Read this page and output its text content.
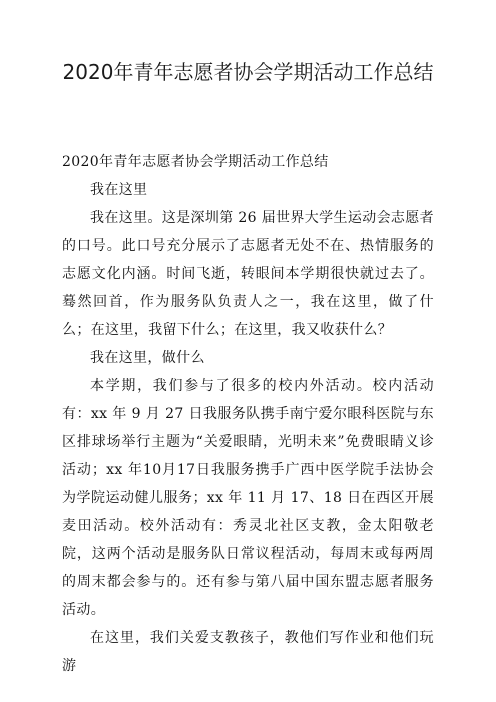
2020年青年志愿者协会学期活动工作总结

2020年青年志愿者协会学期活动工作总结

我在这里

我在这里。这是深圳第 26 届世界大学生运动会志愿者的口号。此口号充分展示了志愿者无处不在、热情服务的志愿文化内涵。时间飞逝，转眼间本学期很快就过去了。蓦然回首，作为服务队负责人之一，我在这里，做了什么；在这里，我留下什么；在这里，我又收获什么？

我在这里，做什么

本学期，我们参与了很多的校内外活动。校内活动有：xx 年 9 月 27 日我服务队携手南宁爱尔眼科医院与东区排球场举行主题为“关爱眼睛，光明未来”免费眼睛义诊活动；xx 年10月17日我服务携手广西中医学院手法协会为学院运动健儿服务；xx 年 11 月 17、18 日在西区开展麦田活动。校外活动有：秀灵北社区支教，金太阳敬老院，这两个活动是服务队日常议程活动，每周末或每两周的周末都会参与的。还有参与第八届中国东盟志愿者服务活动。

在这里，我们关爱支教孩子，教他们写作业和他们玩游
